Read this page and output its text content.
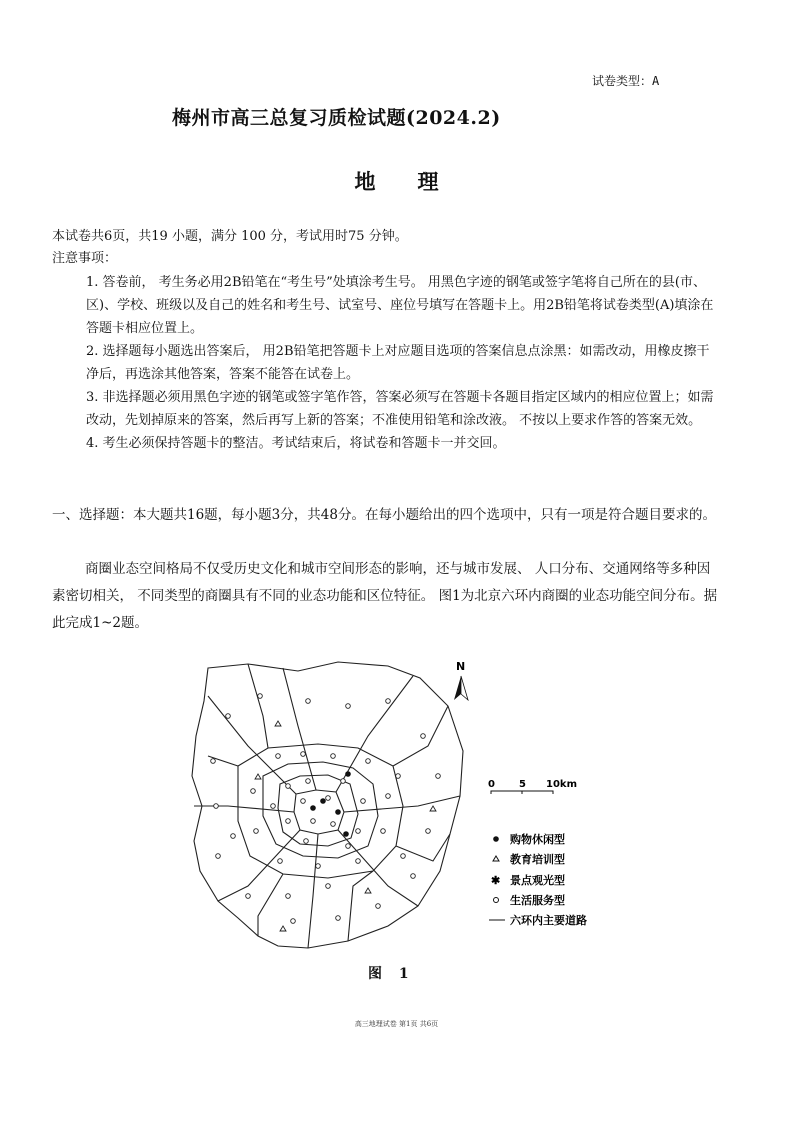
试卷类型：A
梅州市高三总复习质检试题(2024.2)
地理
本试卷共6页，共19 小题，满分 100 分，考试用时75 分钟。
注意事项：

1. 答卷前， 考生务必用2B铅笔在“考生号”处填涂考生号。 用黑色字迹的钢笔或签字笔将自己所在的县(市、 区)、学校、班级以及自己的姓名和考生号、试室号、座位号填写在答题卡上。用2B铅笔将试卷类型(A)填涂在答题卡相应位置上。

2. 选择题每小题选出答案后， 用2B铅笔把答题卡上对应题目选项的答案信息点涂黑：如需改动，用橡皮擦干净后，再选涂其他答案，答案不能答在试卷上。

3. 非选择题必须用黑色字迹的钢笔或签字笔作答，答案必须写在答题卡各题目指定区域内的相应位置上；如需改动，先划掉原来的答案，然后再写上新的答案；不准使用铅笔和涂改液。 不按以上要求作答的答案无效。

4. 考生必须保持答题卡的整洁。考试结束后，将试卷和答题卡一并交回。

一、选择题：本大题共16题，每小题3分，共48分。在每小题给出的四个选项中，只有一项是符合题目要求的。
商圈业态空间格局不仅受历史文化和城市空间形态的影响，还与城市发展、 人口分布、交通网络等多种因素密切相关， 不同类型的商圈具有不同的业态功能和区位特征。 图1为北京六环内商圈的业态功能空间分布。据此完成1~2题。
N
0 5 10km
购物休闲型
教育培训型
✱ 景点观光型
生活服务型
六环内主要道路
图 1
高三地理试卷 第1页 共6页
